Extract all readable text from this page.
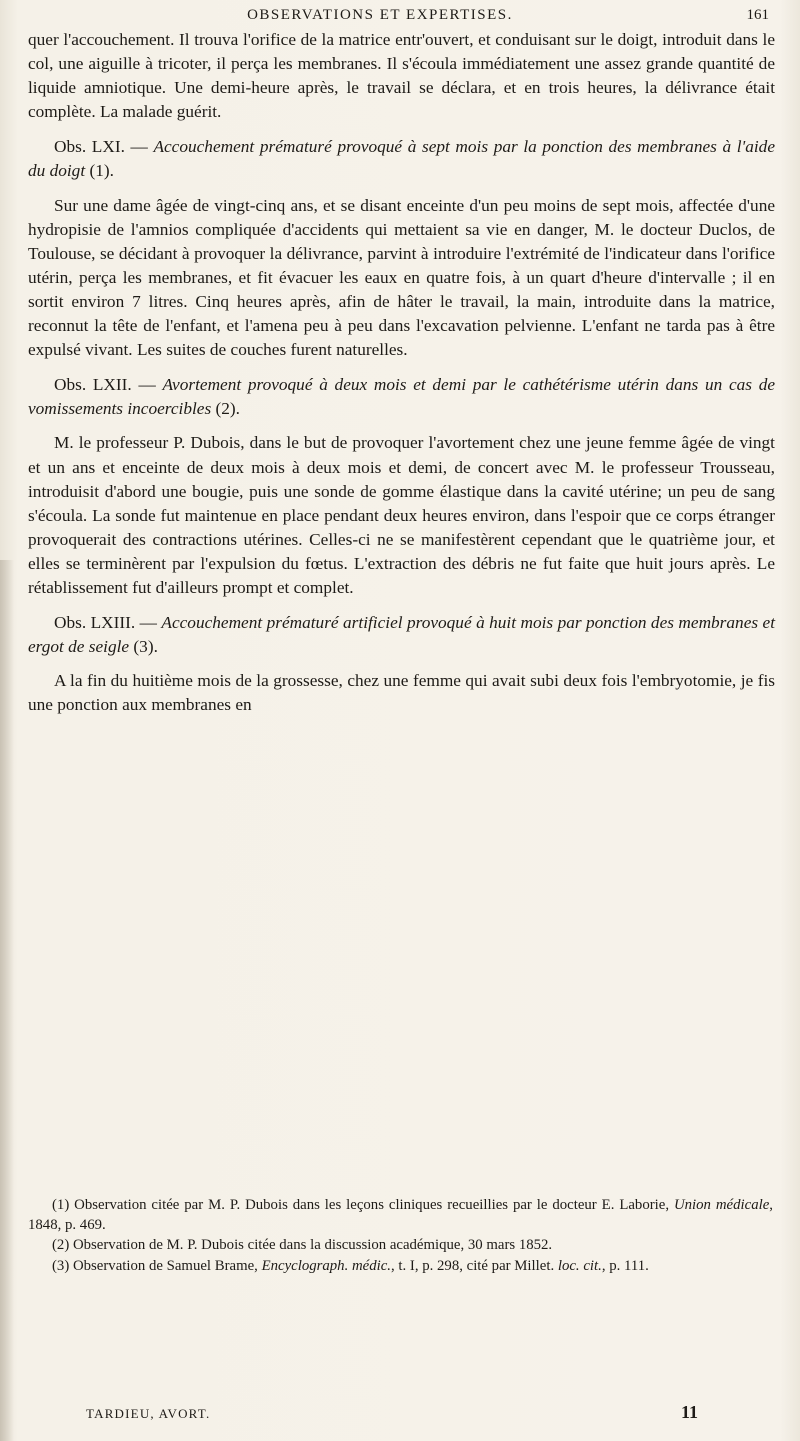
OBSERVATIONS ET EXPERTISES.	161

quer l'accouchement. Il trouva l'orifice de la matrice entr'ouvert, et conduisant sur le doigt, introduit dans le col, une aiguille à tricoter, il perça les membranes. Il s'écoula immédiatement une assez grande quantité de liquide amniotique. Une demi-heure après, le travail se déclara, et en trois heures, la délivrance était complète. La malade guérit.

Obs. LXI. — Accouchement prématuré provoqué à sept mois par la ponction des membranes à l'aide du doigt (1).

Sur une dame âgée de vingt-cinq ans, et se disant enceinte d'un peu moins de sept mois, affectée d'une hydropisie de l'amnios compliquée d'accidents qui mettaient sa vie en danger, M. le docteur Duclos, de Toulouse, se décidant à provoquer la délivrance, parvint à introduire l'extrémité de l'indicateur dans l'orifice utérin, perça les membranes, et fit évacuer les eaux en quatre fois, à un quart d'heure d'intervalle ; il en sortit environ 7 litres. Cinq heures après, afin de hâter le travail, la main, introduite dans la matrice, reconnut la tête de l'enfant, et l'amena peu à peu dans l'excavation pelvienne. L'enfant ne tarda pas à être expulsé vivant. Les suites de couches furent naturelles.

Obs. LXII. — Avortement provoqué à deux mois et demi par le cathétérisme utérin dans un cas de vomissements incoercibles (2).

M. le professeur P. Dubois, dans le but de provoquer l'avortement chez une jeune femme âgée de vingt et un ans et enceinte de deux mois à deux mois et demi, de concert avec M. le professeur Trousseau, introduisit d'abord une bougie, puis une sonde de gomme élastique dans la cavité utérine; un peu de sang s'écoula. La sonde fut maintenue en place pendant deux heures environ, dans l'espoir que ce corps étranger provoquerait des contractions utérines. Celles-ci ne se manifestèrent cependant que le quatrième jour, et elles se terminèrent par l'expulsion du fœtus. L'extraction des débris ne fut faite que huit jours après. Le rétablissement fut d'ailleurs prompt et complet.

Obs. LXIII. — Accouchement prématuré artificiel provoqué à huit mois par ponction des membranes et ergot de seigle (3).

A la fin du huitième mois de la grossesse, chez une femme qui avait subi deux fois l'embryotomie, je fis une ponction aux membranes en

(1) Observation citée par M. P. Dubois dans les leçons cliniques recueillies par le docteur E. Laborie, Union médicale, 1848, p. 469.

(2) Observation de M. P. Dubois citée dans la discussion académique, 30 mars 1852.

(3) Observation de Samuel Brame, Encyclograph. médic., t. I, p. 298, cité par Millet. loc. cit., p. 111.

TARDIEU, AVORT.	11
